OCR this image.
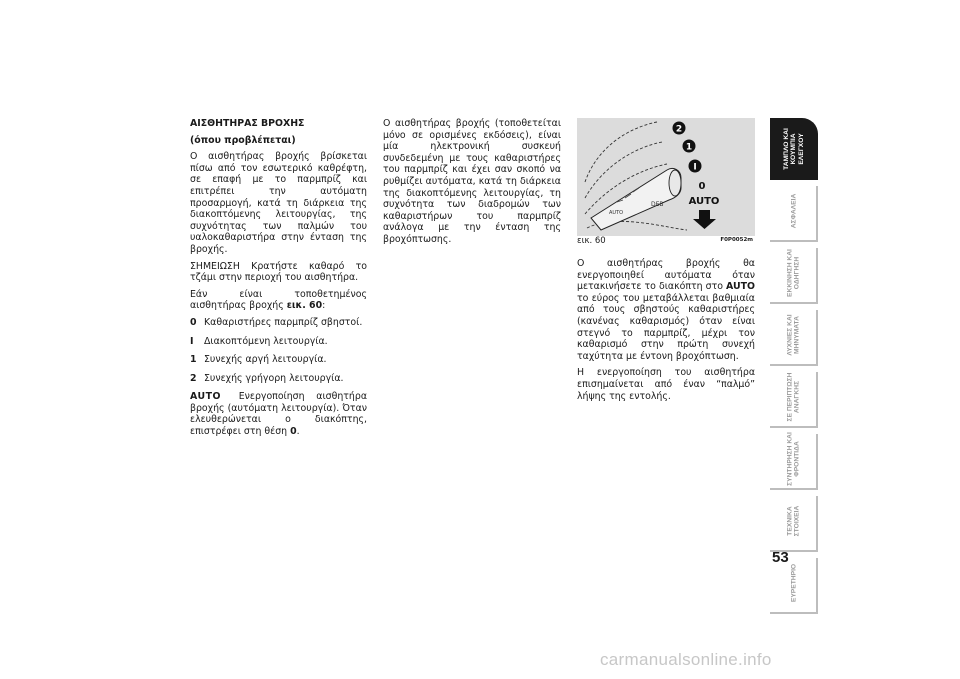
ΑΙΣΘΗΤΗΡΑΣ ΒΡΟΧΗΣ

(όπου προβλέπεται)

Ο αισθητήρας βροχής βρίσκεται πίσω από τον εσωτερικό καθρέφτη, σε επαφή με το παρμπρίζ και επιτρέπει την αυτόματη προσαρμογή, κατά τη διάρκεια της διακοπτόμενης λειτουργίας, της συχνότητας των παλμών του υαλοκαθαριστήρα στην ένταση της βροχής.

ΣΗΜΕΙΩΣΗ Κρατήστε καθαρό το τζάμι στην περιοχή του αισθητήρα.

Εάν είναι τοποθετημένος αισθητήρας βροχής εικ. 60:

0 Καθαριστήρες παρμπρίζ σβηστοί.
I	Διακοπτόμενη λειτουργία.
1 Συνεχής αργή λειτουργία.
2 Συνεχής γρήγορη λειτουργία.

AUTO Ενεργοποίηση αισθητήρα βροχής (αυτόματη λειτουργία). Όταν ελευθερώνεται ο διακόπτης, επιστρέφει στη θέση 0.

Ο αισθητήρας βροχής (τοποθετείται μόνο σε ορισμένες εκδόσεις), είναι μία ηλεκτρονική συσκευή συνδεδεμένη με τους καθαριστήρες του παρμπρίζ και έχει σαν σκοπό να ρυθμίζει αυτόματα, κατά τη διάρκεια της διακοπτόμενης λειτουργίας, τη συχνότητα των διαδρομών των καθαριστήρων του παρμπρίζ ανάλογα με την ένταση της βροχόπτωσης.

AUTO
DEB
2
1
I
0
AUTO
εικ. 60	F0P0052m

Ο αισθητήρας βροχής θα ενεργοποιηθεί αυτόματα όταν μετακινήσετε το διακόπτη στο AUTO το εύρος του μεταβάλλεται βαθμιαία από τους σβηστούς καθαριστήρες (κανένας καθαρισμός) όταν είναι στεγνό το παρμπρίζ, μέχρι τον καθαρισμό στην πρώτη συνεχή ταχύτητα με έντονη βροχόπτωση.

Η ενεργοποίηση του αισθητήρα επισημαίνεται από έναν “παλμό” λήψης της εντολής.

ΤΑΜΠΛΟ ΚΑΙ ΚΟΥΜΠΙΑ ΕΛΕΓΧΟΥ
ΑΣΦΑΛΕΙΑ
ΕΚΚΙΝΗΣΗ ΚΑΙ ΟΔΗΓΗΣΗ
ΛΥΧΝΙΕΣ ΚΑΙ ΜΗΝΥΜΑΤΑ
ΣΕ ΠΕΡΙΠΤΩΣΗ ΑΝΑΓΚΗΣ
ΣΥΝΤΗΡΗΣΗ ΚΑΙ ΦΡΟΝΤΙΔΑ
ΤΕΧΝΙΚΑ ΣΤΟΙΧΕΙΑ
ΕΥΡΕΤΗΡΙΟ
53
carmanualsonline.info
